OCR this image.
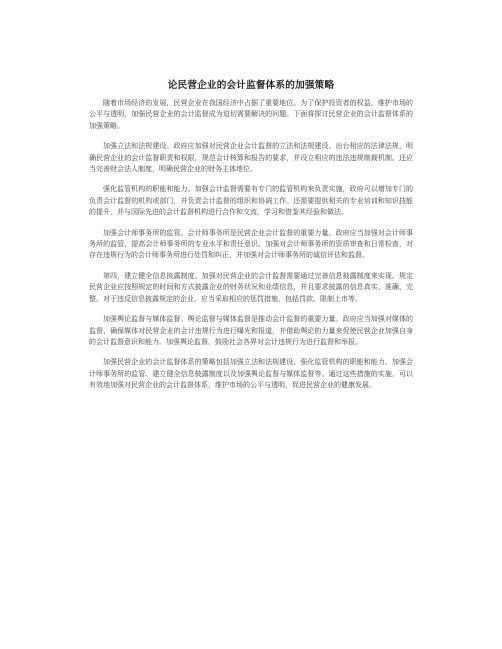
论民营企业的会计监督体系的加强策略

随着市场经济的发展，民营企业在我国经济中占据了重要地位。为了保护投资者的权益，维护市场的公平与透明，加强民营企业的会计监督成为迫切需要解决的问题。下面将探讨民营企业的会计监督体系的加强策略。

加强立法和法规建设。政府应加强对民营企业会计监督的立法和法规建设。出台相应的法律法规，明确民营企业的会计监督职责和权限，规范会计核算和报告的要求，并设立相应的违法违规制裁机制。还应当完善财会法人制度，明确民营企业的财务主体地位。

强化监管机构的职能和能力。加强会计监督需要有专门的监管机构来负责实施，政府可以增加专门的负责会计监督的机构或部门，并负责会计监督的组织和协调工作。还需要提供相关的专业培训和知识技能的提升，并与国际先进的会计监督机构进行合作和交流，学习和借鉴其经验和做法。

加强会计师事务所的监管。会计师事务所是民营企业会计监督的重要力量。政府应当加强对会计师事务所的监管，提高会计师事务所的专业水平和责任意识。加强对会计师事务所的资质审查和日常检查，对存在违规行为的会计师事务所进行处罚和纠正，并加强对会计师事务所的诚信评估和监督。

第四，建立健全信息披露制度。加强对民营企业的会计监督需要通过完善信息披露制度来实现。规定民营企业应按照规定的时间和方式披露企业的财务状况和业绩信息，并且要求披露的信息真实、准确、完整。对于违反信息披露规定的企业，应当采取相应的惩罚措施，包括罚款、限制上市等。

加强舆论监督与媒体监督。舆论监督与媒体监督是推动会计监督的重要力量。政府应当加强对媒体的监督，确保媒体对民营企业的会计违规行为进行曝光和报道，并借助舆论的力量来促使民营企业加强自身的会计监督意识和能力。加强舆论监督，鼓励社会各界对会计违规行为进行监督和举报。

加强民营企业的会计监督体系的策略包括加强立法和法规建设、强化监管机构的职能和能力、加强会计师事务所的监管、建立健全信息披露制度以及加强舆论监督与媒体监督等。通过这些措施的实施，可以有效地加强对民营企业的会计监督体系，维护市场的公平与透明，促进民营企业的健康发展。
